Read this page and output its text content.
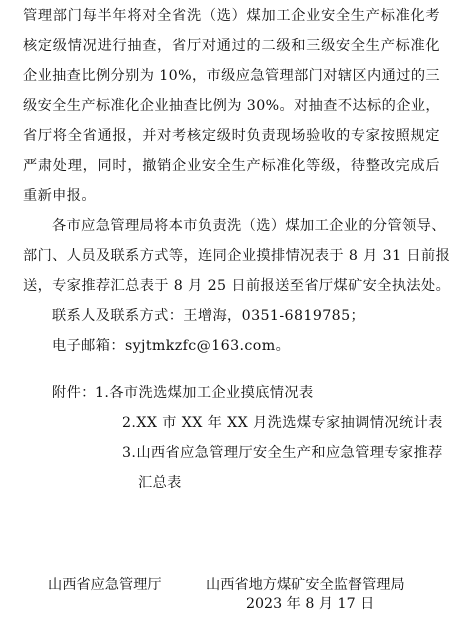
管理部门每半年将对全省洗（选）煤加工企业安全生产标准化考
核定级情况进行抽查，省厅对通过的二级和三级安全生产标准化
企业抽查比例分别为 10%，市级应急管理部门对辖区内通过的三
级安全生产标准化企业抽查比例为 30%。对抽查不达标的企业，
省厅将全省通报，并对考核定级时负责现场验收的专家按照规定
严肃处理，同时，撤销企业安全生产标准化等级，待整改完成后
重新申报。
各市应急管理局将本市负责洗（选）煤加工企业的分管领导、
部门、人员及联系方式等，连同企业摸排情况表于 8 月 31 日前报
送，专家推荐汇总表于 8 月 25 日前报送至省厅煤矿安全执法处。
联系人及联系方式：王增海，0351-6819785；
电子邮箱：syjtmkzfc@163.com。
附件： 1.各市洗选煤加工企业摸底情况表
2.XX 市 XX 年 XX 月洗选煤专家抽调情况统计表
3.山西省应急管理厅安全生产和应急管理专家推荐
汇总表
山西省应急管理厅	山西省地方煤矿安全监督管理局
2023 年 8 月 17 日
